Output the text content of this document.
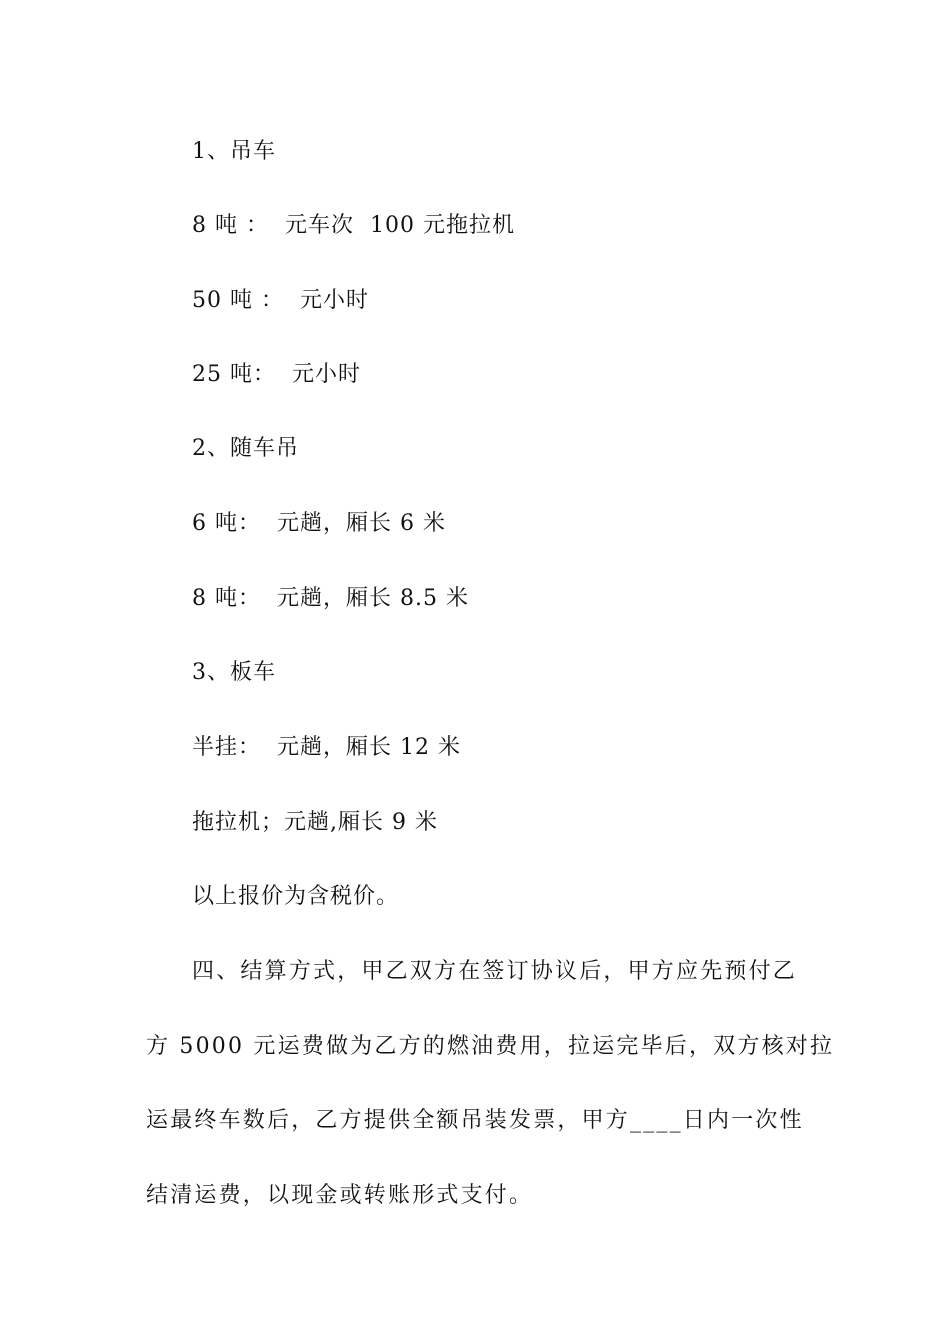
1、吊车
8 吨 ：  元车次  100 元拖拉机
50 吨 ：  元小时
25 吨：  元小时
2、随车吊
6 吨：  元趟，厢长 6 米
8 吨：  元趟，厢长 8.5 米
3、板车
半挂：  元趟，厢长 12 米
拖拉机；元趟,厢长 9 米
以上报价为含税价。
四、结算方式，甲乙双方在签订协议后，甲方应先预付乙
方 5000 元运费做为乙方的燃油费用，拉运完毕后，双方核对拉
运最终车数后，乙方提供全额吊装发票，甲方____日内一次性
结清运费，以现金或转账形式支付。
